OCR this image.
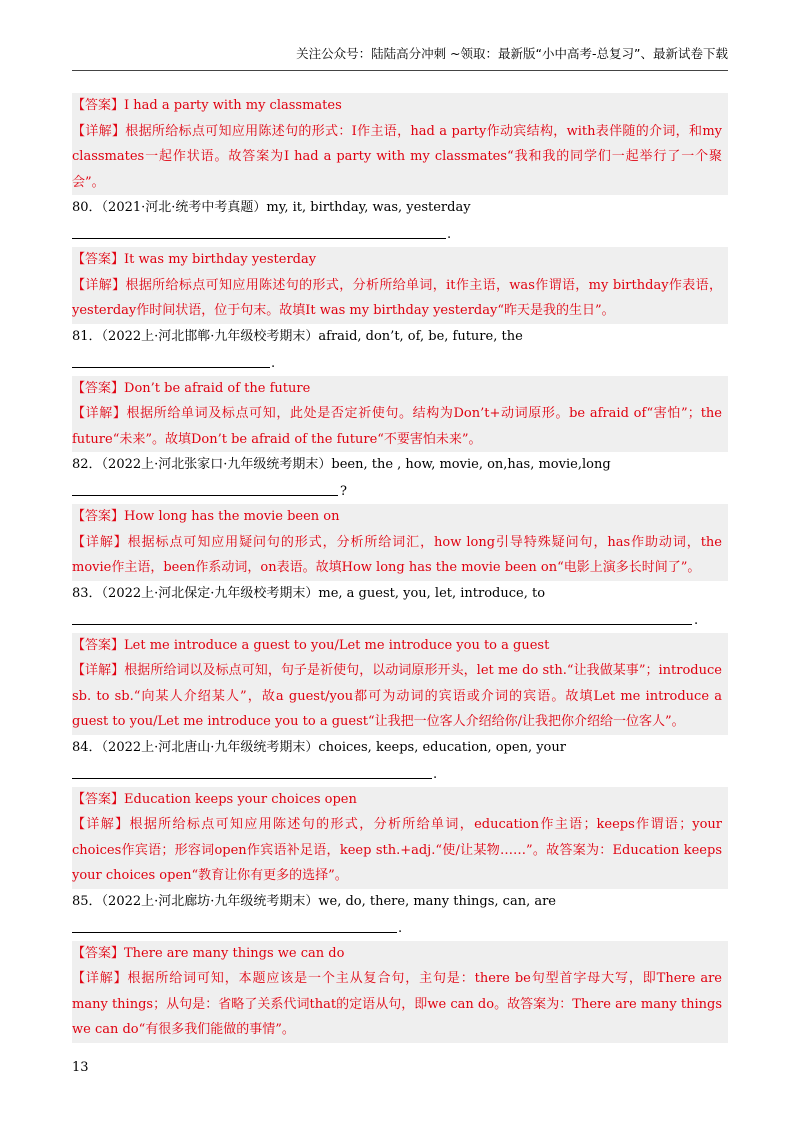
关注公众号：陆陆高分冲刺 ~领取：最新版“小中高考-总复习”、最新试卷下载

【答案】I had a party with my classmates

【详解】根据所给标点可知应用陈述句的形式：I作主语，had a party作动宾结构，with表伴随的介词，和my classmates一起作状语。故答案为I had a party with my classmates“我和我的同学们一起举行了一个聚会”。

80．（2021·河北·统考中考真题）my, it, birthday, was, yesterday

.

【答案】It was my birthday yesterday

【详解】根据所给标点可知应用陈述句的形式，分析所给单词，it作主语，was作谓语，my birthday作表语，yesterday作时间状语，位于句末。故填It was my birthday yesterday“昨天是我的生日”。

81．（2022上·河北邯郸·九年级校考期末）afraid, don’t, of, be, future, the

.

【答案】Don’t be afraid of the future

【详解】根据所给单词及标点可知，此处是否定祈使句。结构为Don’t+动词原形。be afraid of“害怕”；the future“未来”。故填Don’t be afraid of the future“不要害怕未来”。

82．（2022上·河北张家口·九年级统考期末）been, the , how, movie, on,has, movie,long

?

【答案】How long has the movie been on

【详解】根据标点可知应用疑问句的形式，分析所给词汇，how long引导特殊疑问句，has作助动词，the movie作主语，been作系动词，on表语。故填How long has the movie been on“电影上演多长时间了”。

83．（2022上·河北保定·九年级校考期末）me, a guest, you, let, introduce, to

.

【答案】Let me introduce a guest to you/Let me introduce you to a guest

【详解】根据所给词以及标点可知，句子是祈使句，以动词原形开头，let me do sth.“让我做某事”；introduce sb. to sb.“向某人介绍某人”，故a guest/you都可为动词的宾语或介词的宾语。故填Let me introduce a guest to you/Let me introduce you to a guest“让我把一位客人介绍给你/让我把你介绍给一位客人”。

84．（2022上·河北唐山·九年级统考期末）choices, keeps, education, open, your

.

【答案】Education keeps your choices open

【详解】根据所给标点可知应用陈述句的形式，分析所给单词，education作主语；keeps作谓语；your choices作宾语；形容词open作宾语补足语，keep sth.+adj.“使/让某物……”。故答案为：Education keeps your choices open“教育让你有更多的选择”。

85．（2022上·河北廊坊·九年级统考期末）we, do, there, many things, can, are

.

【答案】There are many things we can do

【详解】根据所给词可知，本题应该是一个主从复合句，主句是：there be句型首字母大写，即There are many things；从句是：省略了关系代词that的定语从句，即we can do。故答案为：There are many things we can do“有很多我们能做的事情”。

13
